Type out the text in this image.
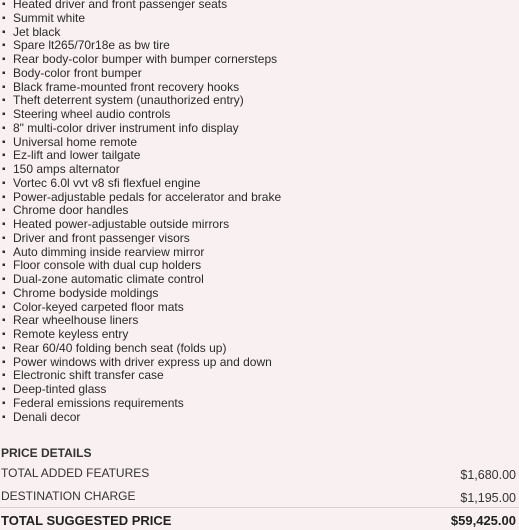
▪ Heated driver and front passenger seats
▪ Summit white
▪ Jet black
▪ Spare lt265/70r18e as bw tire
▪ Rear body-color bumper with bumper cornersteps
▪ Body-color front bumper
▪ Black frame-mounted front recovery hooks
▪ Theft deterrent system (unauthorized entry)
▪ Steering wheel audio controls
▪ 8" multi-color driver instrument info display
▪ Universal home remote
▪ Ez-lift and lower tailgate
▪ 150 amps alternator
▪ Vortec 6.0l vvt v8 sfi flexfuel engine
▪ Power-adjustable pedals for accelerator and brake
▪ Chrome door handles
▪ Heated power-adjustable outside mirrors
▪ Driver and front passenger visors
▪ Auto dimming inside rearview mirror
▪ Floor console with dual cup holders
▪ Dual-zone automatic climate control
▪ Chrome bodyside moldings
▪ Color-keyed carpeted floor mats
▪ Rear wheelhouse liners
▪ Remote keyless entry
▪ Rear 60/40 folding bench seat (folds up)
▪ Power windows with driver express up and down
▪ Electronic shift transfer case
▪ Deep-tinted glass
▪ Federal emissions requirements
▪ Denali decor
PRICE DETAILS
TOTAL ADDED FEATURES	$1,680.00
DESTINATION CHARGE	$1,195.00
TOTAL SUGGESTED PRICE	$59,425.00
